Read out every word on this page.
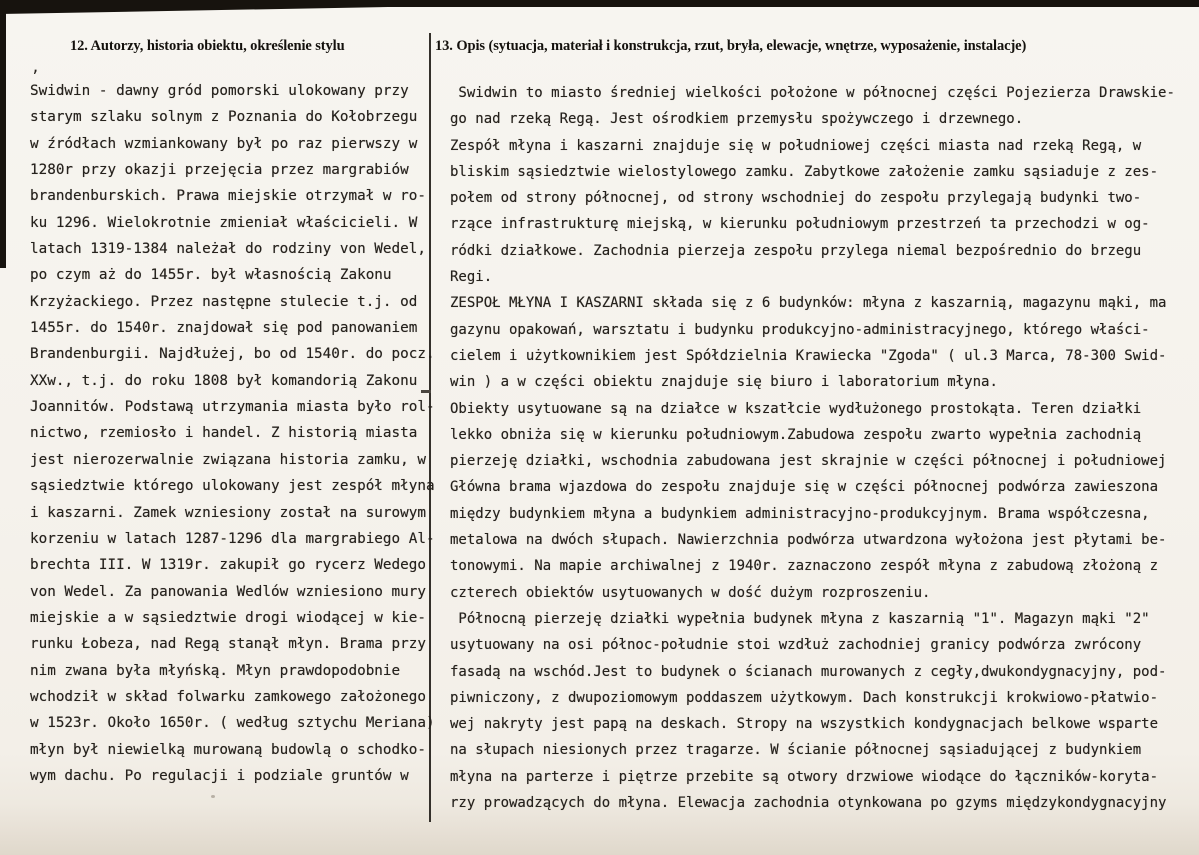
12. Autorzy, historia obiektu, określenie stylu	13. Opis (sytuacja, materiał i konstrukcja, rzut, bryła, elewacje, wnętrze, wyposażenie, instalacje)
,
Swidwin - dawny gród pomorski ulokowany przy
starym szlaku solnym z Poznania do Kołobrzegu
w źródłach wzmiankowany był po raz pierwszy w
1280r przy okazji przejęcia przez margrabiów
brandenburskich. Prawa miejskie otrzymał w ro-
ku 1296. Wielokrotnie zmieniał właścicieli. W
latach 1319-1384 należał do rodziny von Wedel,
po czym aż do 1455r. był własnością Zakonu
Krzyżackiego. Przez następne stulecie t.j. od
1455r. do 1540r. znajdował się pod panowaniem
Brandenburgii. Najdłużej, bo od 1540r. do pocz.
XXw., t.j. do roku 1808 był komandorią Zakonu
Joannitów. Podstawą utrzymania miasta było rol-
nictwo, rzemiosło i handel. Z historią miasta
jest nierozerwalnie związana historia zamku, w
sąsiedztwie którego ulokowany jest zespół młyna
i kaszarni. Zamek wzniesiony został na surowym
korzeniu w latach 1287-1296 dla margrabiego Al-
brechta III. W 1319r. zakupił go rycerz Wedego
von Wedel. Za panowania Wedlów wzniesiono mury
miejskie a w sąsiedztwie drogi wiodącej w kie-
runku Łobeza, nad Regą stanął młyn. Brama przy
nim zwana była młyńską. Młyn prawdopodobnie
wchodził w skład folwarku zamkowego założonego
w 1523r. Około 1650r. ( według sztychu Meriana)
młyn był niewielką murowaną budowlą o schodko-
wym dachu. Po regulacji i podziale gruntów w
Swidwin to miasto średniej wielkości położone w północnej części Pojezierza Drawskie-
go nad rzeką Regą. Jest ośrodkiem przemysłu spożywczego i drzewnego.
Zespół młyna i kaszarni znajduje się w południowej części miasta nad rzeką Regą, w
bliskim sąsiedztwie wielostylowego zamku. Zabytkowe założenie zamku sąsiaduje z zes-
połem od strony północnej, od strony wschodniej do zespołu przylegają budynki two-
rzące infrastrukturę miejską, w kierunku południowym przestrzeń ta przechodzi w og-
ródki działkowe. Zachodnia pierzeja zespołu przylega niemal bezpośrednio do brzegu
Regi.
ZESPOŁ MŁYNA I KASZARNI składa się z 6 budynków: młyna z kaszarnią, magazynu mąki, ma
gazynu opakowań, warsztatu i budynku produkcyjno-administracyjnego, którego właści-
cielem i użytkownikiem jest Spółdzielnia Krawiecka "Zgoda" ( ul.3 Marca, 78-300 Swid-
win ) a w części obiektu znajduje się biuro i laboratorium młyna.
Obiekty usytuowane są na działce w kszatłcie wydłużonego prostokąta. Teren działki
lekko obniża się w kierunku południowym.Zabudowa zespołu zwarto wypełnia zachodnią
pierzeję działki, wschodnia zabudowana jest skrajnie w części północnej i południowej
Główna brama wjazdowa do zespołu znajduje się w części północnej podwórza zawieszona
między budynkiem młyna a budynkiem administracyjno-produkcyjnym. Brama współczesna,
metalowa na dwóch słupach. Nawierzchnia podwórza utwardzona wyłożona jest płytami be-
tonowymi. Na mapie archiwalnej z 1940r. zaznaczono zespół młyna z zabudową złożoną z
czterech obiektów usytuowanych w dość dużym rozproszeniu.
Północną pierzeję działki wypełnia budynek młyna z kaszarnią "1". Magazyn mąki "2"
usytuowany na osi północ-południe stoi wzdłuż zachodniej granicy podwórza zwrócony
fasadą na wschód.Jest to budynek o ścianach murowanych z cegły,dwukondygnacyjny, pod-
piwniczony, z dwupoziomowym poddaszem użytkowym. Dach konstrukcji krokwiowo-płatwio-
wej nakryty jest papą na deskach. Stropy na wszystkich kondygnacjach belkowe wsparte
na słupach niesionych przez tragarze. W ścianie północnej sąsiadującej z budynkiem
młyna na parterze i piętrze przebite są otwory drzwiowe wiodące do łączników-koryta-
rzy prowadzących do młyna. Elewacja zachodnia otynkowana po gzyms międzykondygnacyjny
